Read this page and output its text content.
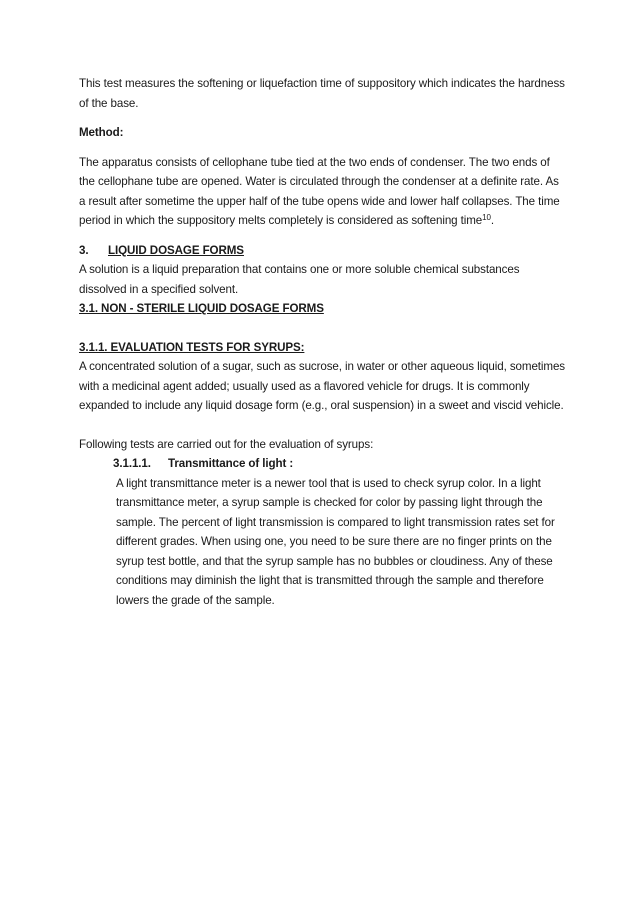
This test measures the softening or liquefaction time of suppository which indicates the hardness of the base.

Method:

The apparatus consists of cellophane tube tied at the two ends of condenser. The two ends of the cellophane tube are opened. Water is circulated through the condenser at a definite rate. As a result after sometime the upper half of the tube opens wide and lower half collapses. The time period in which the suppository melts completely is considered as softening time$^{10}$.

3. LIQUID DOSAGE FORMS

A solution is a liquid preparation that contains one or more soluble chemical substances dissolved in a specified solvent.

3.1. NON - STERILE LIQUID DOSAGE FORMS

3.1.1. EVALUATION TESTS FOR SYRUPS:

A concentrated solution of a sugar, such as sucrose, in water or other aqueous liquid, sometimes with a medicinal agent added; usually used as a flavored vehicle for drugs. It is commonly expanded to include any liquid dosage form (e.g., oral suspension) in a sweet and viscid vehicle.

Following tests are carried out for the evaluation of syrups:

3.1.1.1. Transmittance of light :

A light transmittance meter is a newer tool that is used to check syrup color. In a light transmittance meter, a syrup sample is checked for color by passing light through the sample. The percent of light transmission is compared to light transmission rates set for different grades. When using one, you need to be sure there are no finger prints on the syrup test bottle, and that the syrup sample has no bubbles or cloudiness. Any of these conditions may diminish the light that is transmitted through the sample and therefore lowers the grade of the sample.
